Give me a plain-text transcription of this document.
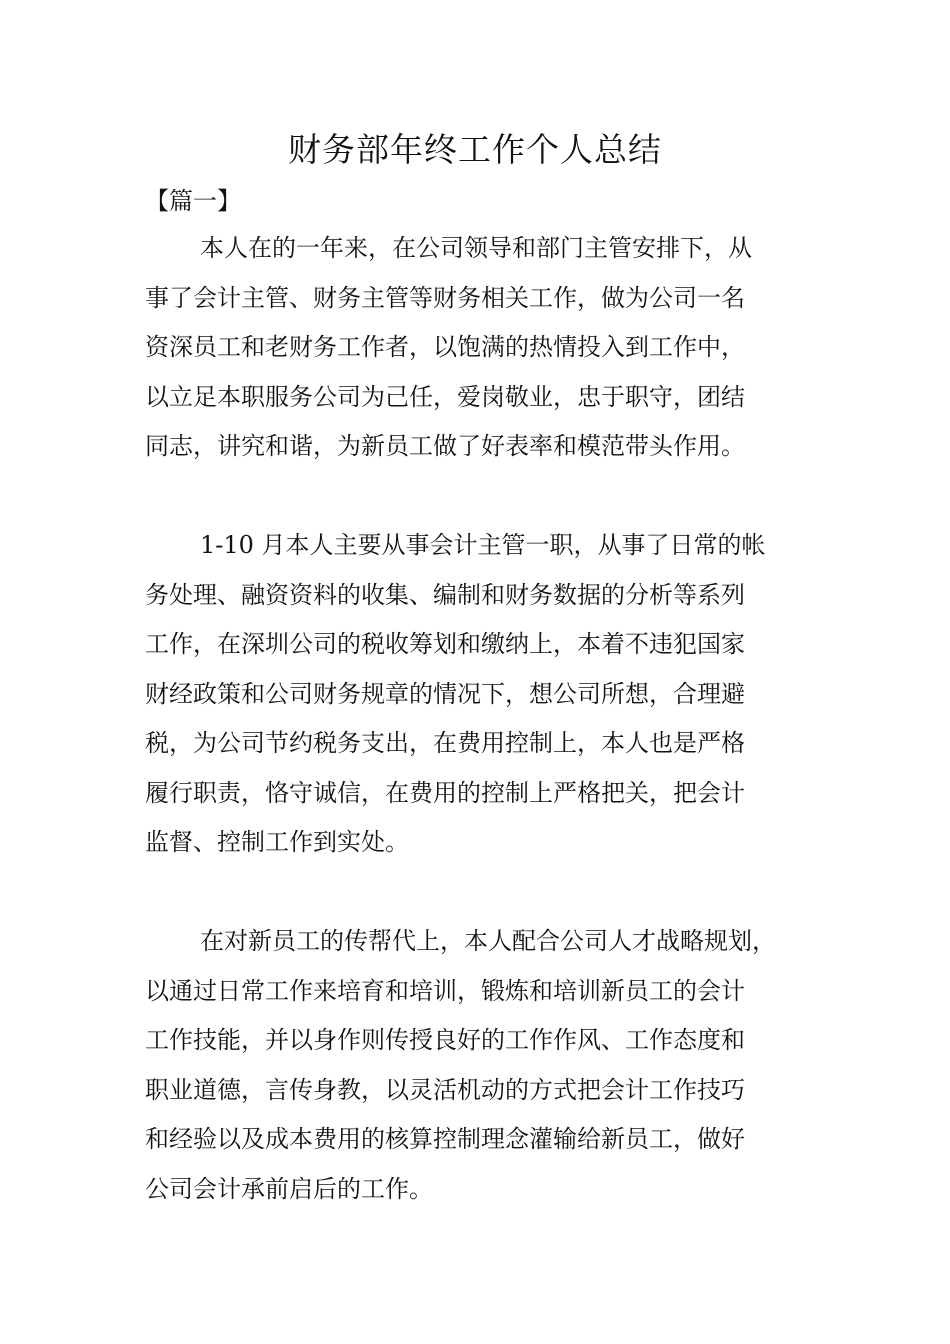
财务部年终工作个人总结
【篇一】
本人在的一年来，在公司领导和部门主管安排下，从
事了会计主管、财务主管等财务相关工作，做为公司一名
资深员工和老财务工作者，以饱满的热情投入到工作中，
以立足本职服务公司为己任，爱岗敬业，忠于职守，团结
同志，讲究和谐，为新员工做了好表率和模范带头作用。
1-10 月本人主要从事会计主管一职，从事了日常的帐
务处理、融资资料的收集、编制和财务数据的分析等系列
工作，在深圳公司的税收筹划和缴纳上，本着不违犯国家
财经政策和公司财务规章的情况下，想公司所想，合理避
税，为公司节约税务支出，在费用控制上，本人也是严格
履行职责，恪守诚信，在费用的控制上严格把关，把会计
监督、控制工作到实处。
在对新员工的传帮代上，本人配合公司人才战略规划，
以通过日常工作来培育和培训，锻炼和培训新员工的会计
工作技能，并以身作则传授良好的工作作风、工作态度和
职业道德，言传身教，以灵活机动的方式把会计工作技巧
和经验以及成本费用的核算控制理念灌输给新员工，做好
公司会计承前启后的工作。
